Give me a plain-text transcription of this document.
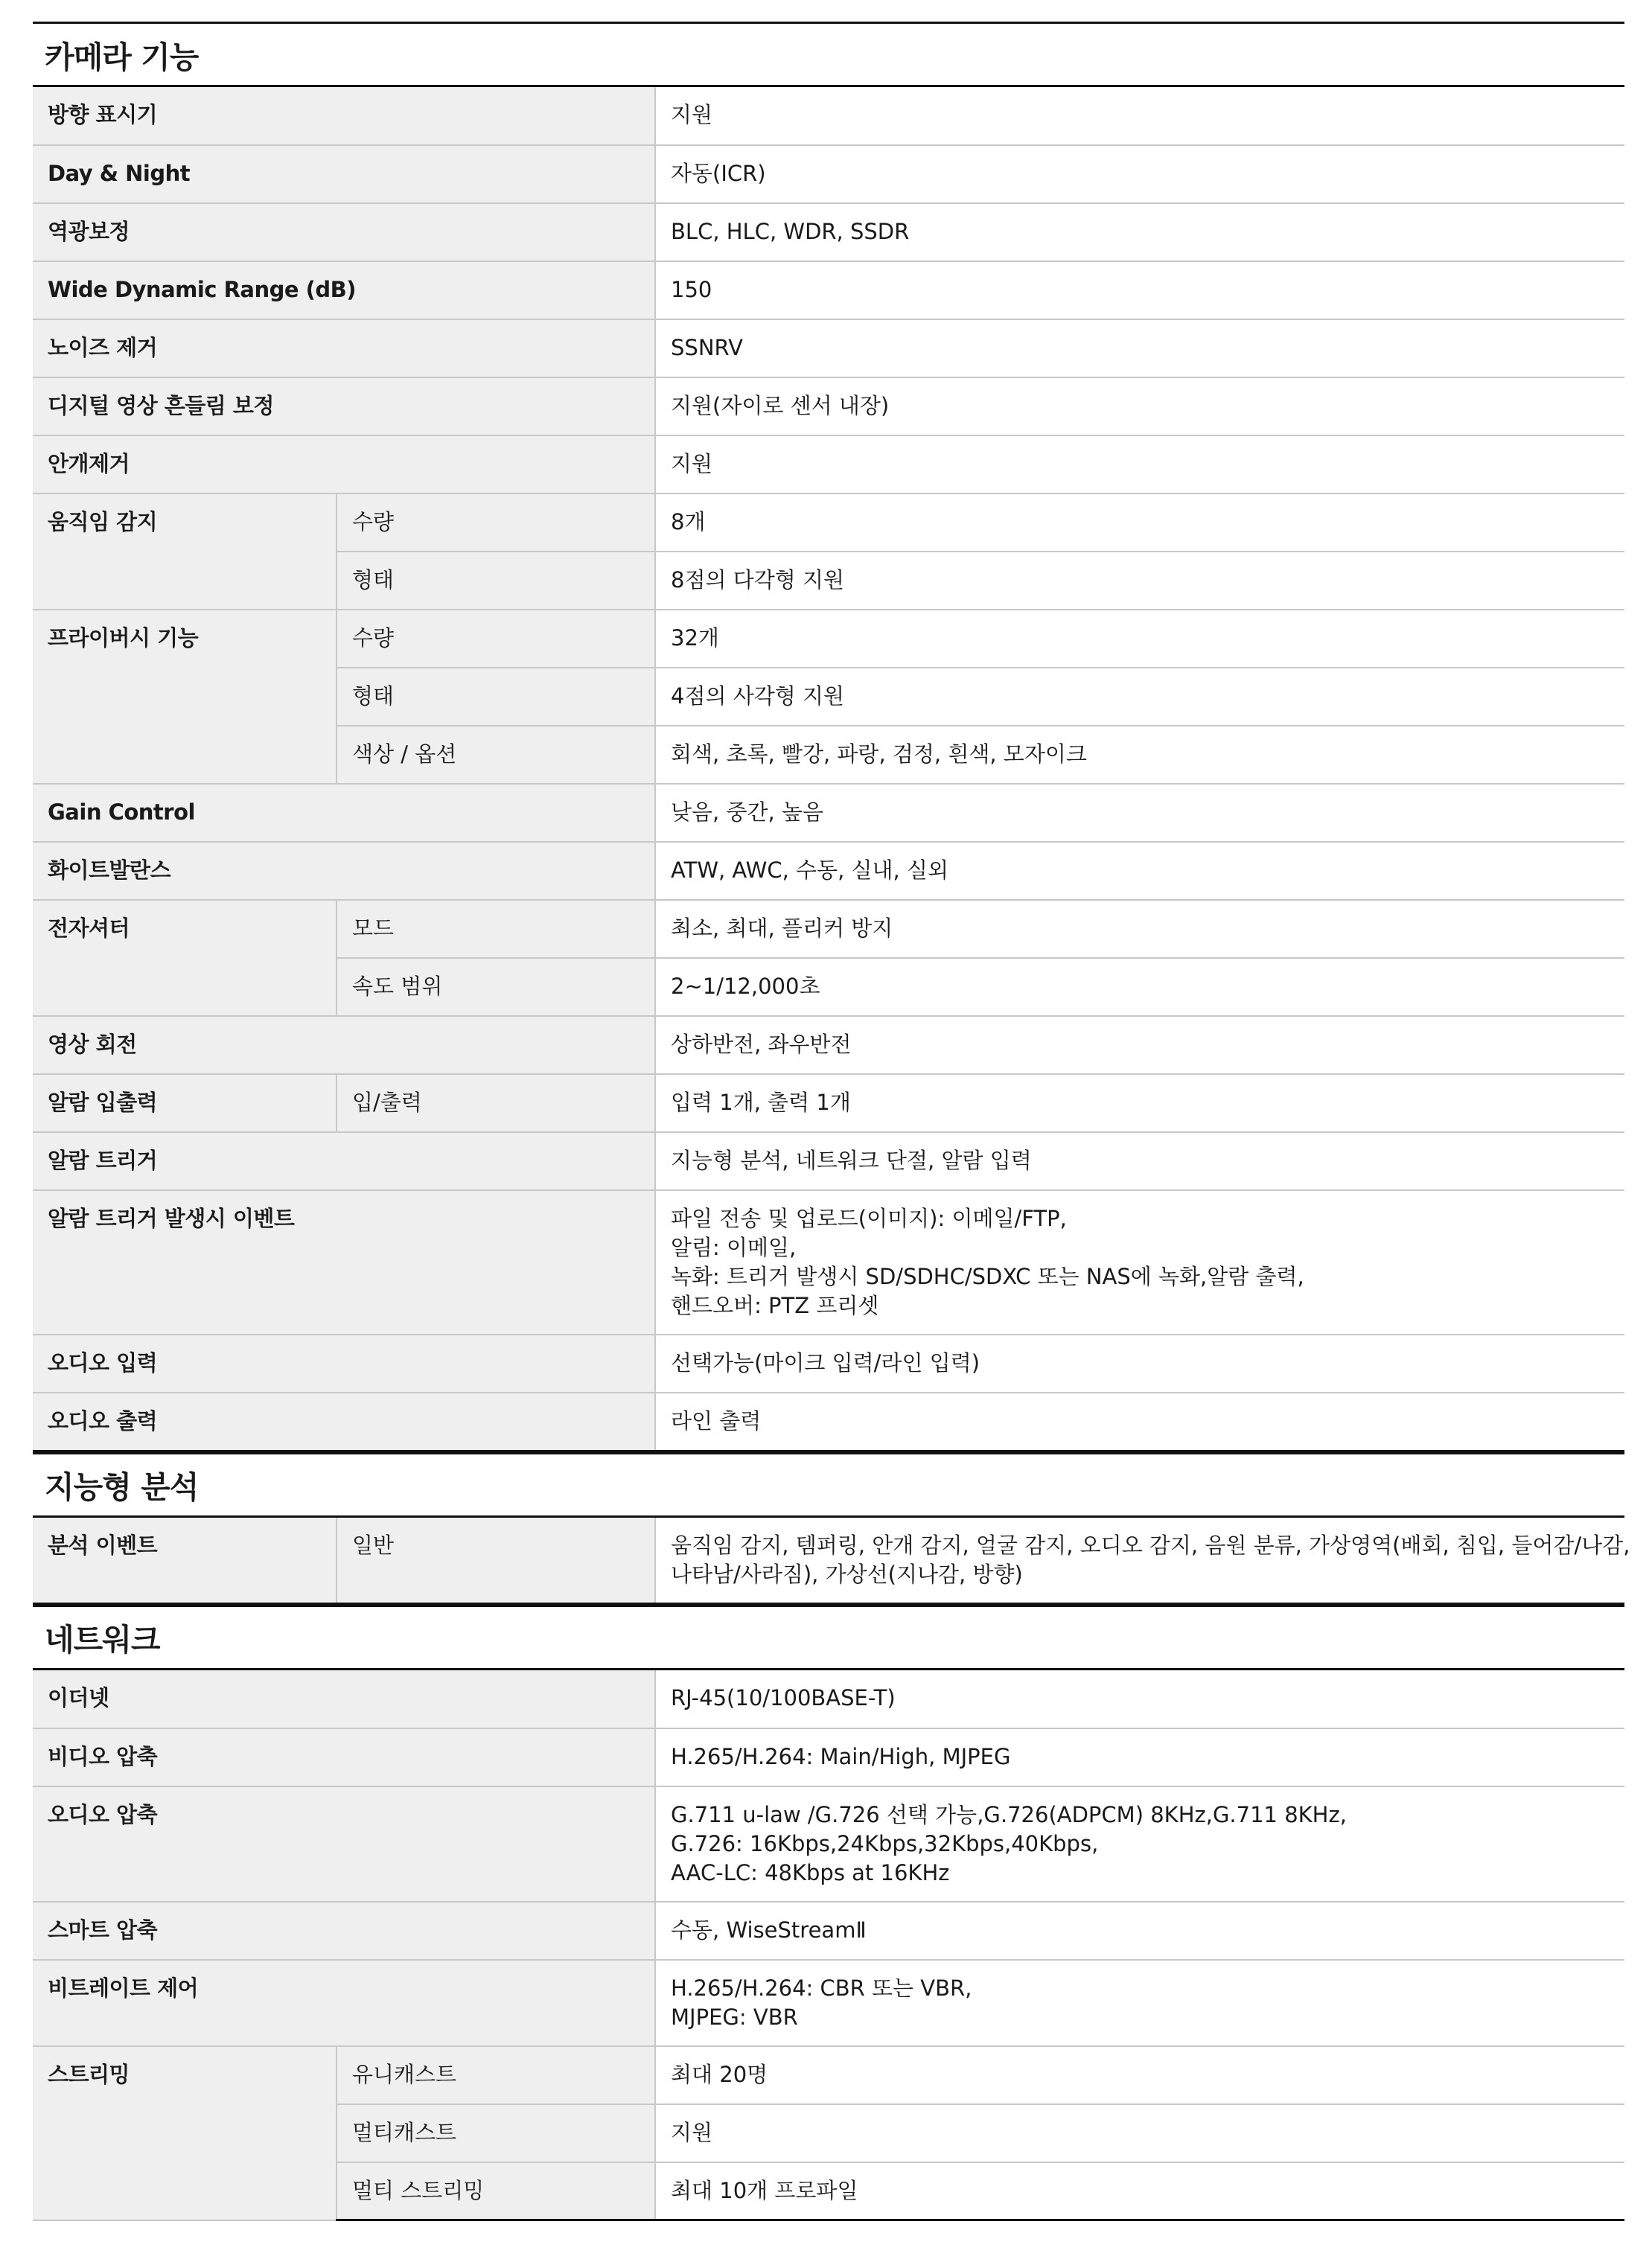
카메라 기능
방향 표시기		지원
Day & Night		자동(ICR)
역광보정		BLC, HLC, WDR, SSDR
Wide Dynamic Range (dB)		150
노이즈 제거		SSNRV
디지털 영상 흔들림 보정		지원(자이로 센서 내장)
안개제거		지원
움직임 감지	수량	8개
	형태	8점의 다각형 지원
프라이버시 기능	수량	32개
	형태	4점의 사각형 지원
	색상 / 옵션	회색, 초록, 빨강, 파랑, 검정, 흰색, 모자이크
Gain Control		낮음, 중간, 높음
화이트발란스		ATW, AWC, 수동, 실내, 실외
전자셔터	모드	최소, 최대, 플리커 방지
	속도 범위	2~1/12,000초
영상 회전		상하반전, 좌우반전
알람 입출력	입/출력	입력 1개, 출력 1개
알람 트리거		지능형 분석, 네트워크 단절, 알람 입력
알람 트리거 발생시 이벤트		파일 전송 및 업로드(이미지): 이메일/FTP,
알림: 이메일,
녹화: 트리거 발생시 SD/SDHC/SDXC 또는 NAS에 녹화,알람 출력,
핸드오버: PTZ 프리셋

오디오 입력		선택가능(마이크 입력/라인 입력)
오디오 출력		라인 출력
지능형 분석
분석 이벤트	일반	움직임 감지, 템퍼링, 안개 감지, 얼굴 감지, 오디오 감지, 음원 분류, 가상영역(배회, 침입, 들어감/나감,
나타남/사라짐), 가상선(지나감, 방향)
네트워크
이더넷		RJ-45(10/100BASE-T)
비디오 압축		H.265/H.264: Main/High, MJPEG
오디오 압축		G.711 u-law /G.726 선택 가능,G.726(ADPCM) 8KHz,G.711 8KHz,
G.726: 16Kbps,24Kbps,32Kbps,40Kbps,
AAC-LC: 48Kbps at 16KHz

스마트 압축		수동, WiseStreamⅡ
비트레이트 제어		H.265/H.264: CBR 또는 VBR,
MJPEG: VBR

스트리밍	유니캐스트	최대 20명
	멀티캐스트	지원
	멀티 스트리밍	최대 10개 프로파일
